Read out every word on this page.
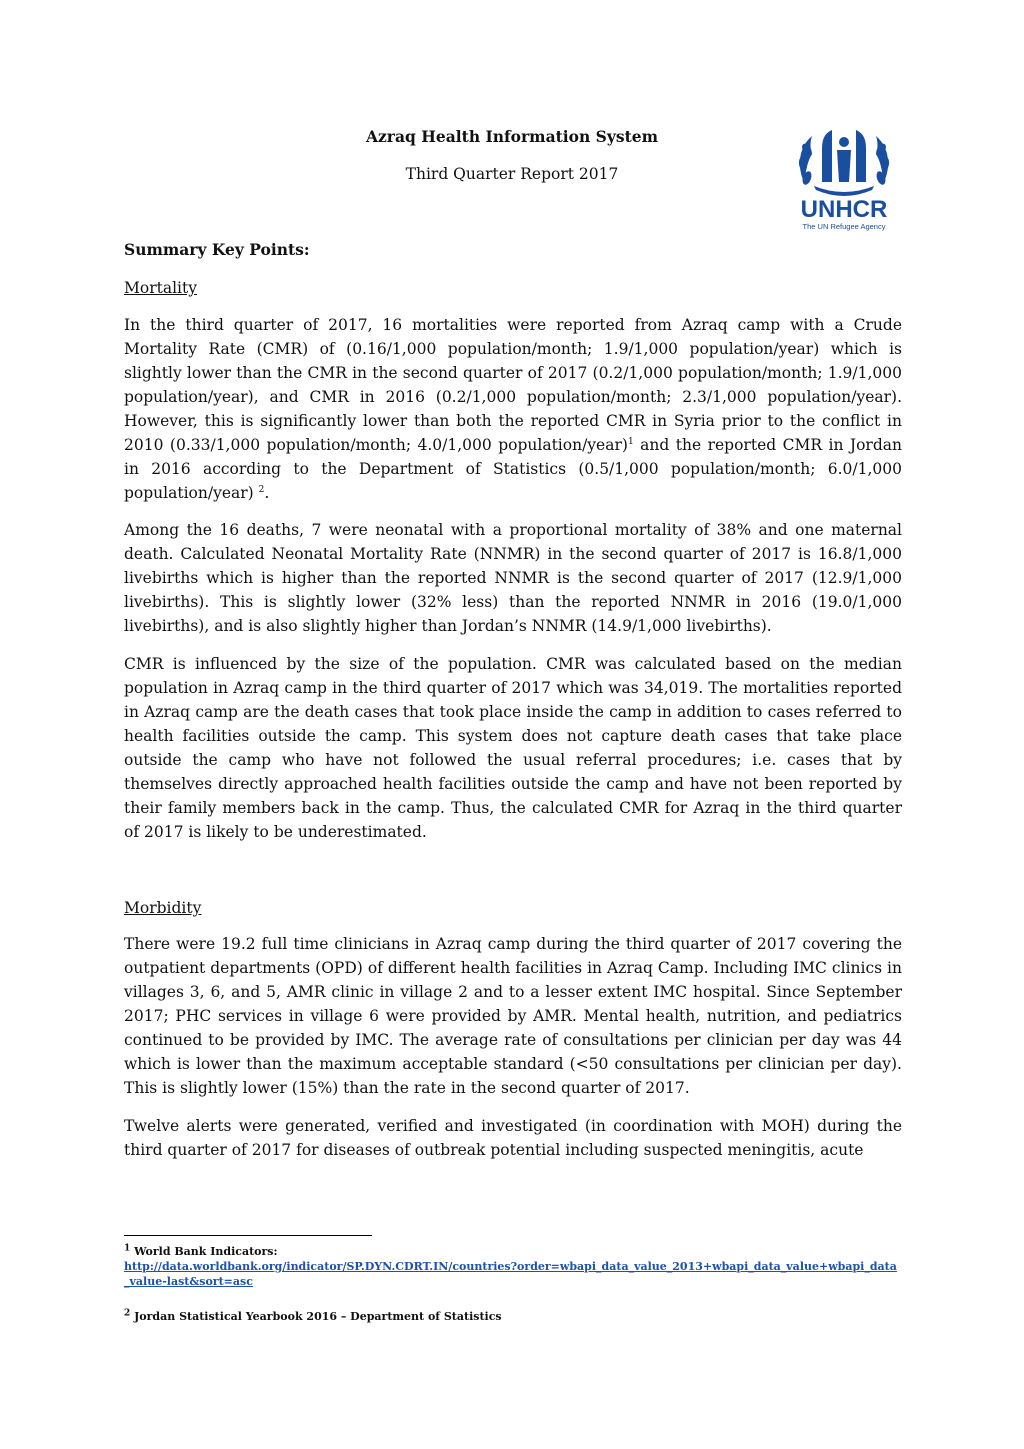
Azraq Health Information System
Third Quarter Report 2017
UNHCR
The UN Refugee Agency
Summary Key Points:
Mortality

In the third quarter of 2017, 16 mortalities were reported from Azraq camp with a Crude Mortality Rate (CMR) of (0.16/1,000 population/month; 1.9/1,000 population/year) which is slightly lower than the CMR in the second quarter of 2017 (0.2/1,000 population/month; 1.9/1,000 population/year), and CMR in 2016 (0.2/1,000 population/month; 2.3/1,000 population/year). However, this is significantly lower than both the reported CMR in Syria prior to the conflict in 2010 (0.33/1,000 population/month; 4.0/1,000 population/year)$^1$ and the reported CMR in Jordan in 2016 according to the Department of Statistics (0.5/1,000 population/month; 6.0/1,000 population/year) $^2$.

Among the 16 deaths, 7 were neonatal with a proportional mortality of 38% and one maternal death. Calculated Neonatal Mortality Rate (NNMR) in the second quarter of 2017 is 16.8/1,000 livebirths which is higher than the reported NNMR is the second quarter of 2017 (12.9/1,000 livebirths). This is slightly lower (32% less) than the reported NNMR in 2016 (19.0/1,000 livebirths), and is also slightly higher than Jordan’s NNMR (14.9/1,000 livebirths).

CMR is influenced by the size of the population. CMR was calculated based on the median population in Azraq camp in the third quarter of 2017 which was 34,019. The mortalities reported in Azraq camp are the death cases that took place inside the camp in addition to cases referred to health facilities outside the camp. This system does not capture death cases that take place outside the camp who have not followed the usual referral procedures; i.e. cases that by themselves directly approached health facilities outside the camp and have not been reported by their family members back in the camp. Thus, the calculated CMR for Azraq in the third quarter of 2017 is likely to be underestimated.

Morbidity

There were 19.2 full time clinicians in Azraq camp during the third quarter of 2017 covering the outpatient departments (OPD) of different health facilities in Azraq Camp. Including IMC clinics in villages 3, 6, and 5, AMR clinic in village 2 and to a lesser extent IMC hospital. Since September 2017; PHC services in village 6 were provided by AMR. Mental health, nutrition, and pediatrics continued to be provided by IMC. The average rate of consultations per clinician per day was 44 which is lower than the maximum acceptable standard (<50 consultations per clinician per day). This is slightly lower (15%) than the rate in the second quarter of 2017.

Twelve alerts were generated, verified and investigated (in coordination with MOH) during the third quarter of 2017 for diseases of outbreak potential including suspected meningitis, acute

$^1$ World Bank Indicators:
http://data.worldbank.org/indicator/SP.DYN.CDRT.IN/countries?order=wbapi_data_value_2013+wbapi_data_value+wbapi_data_value-last&sort=asc
$^2$ Jordan Statistical Yearbook 2016 – Department of Statistics
